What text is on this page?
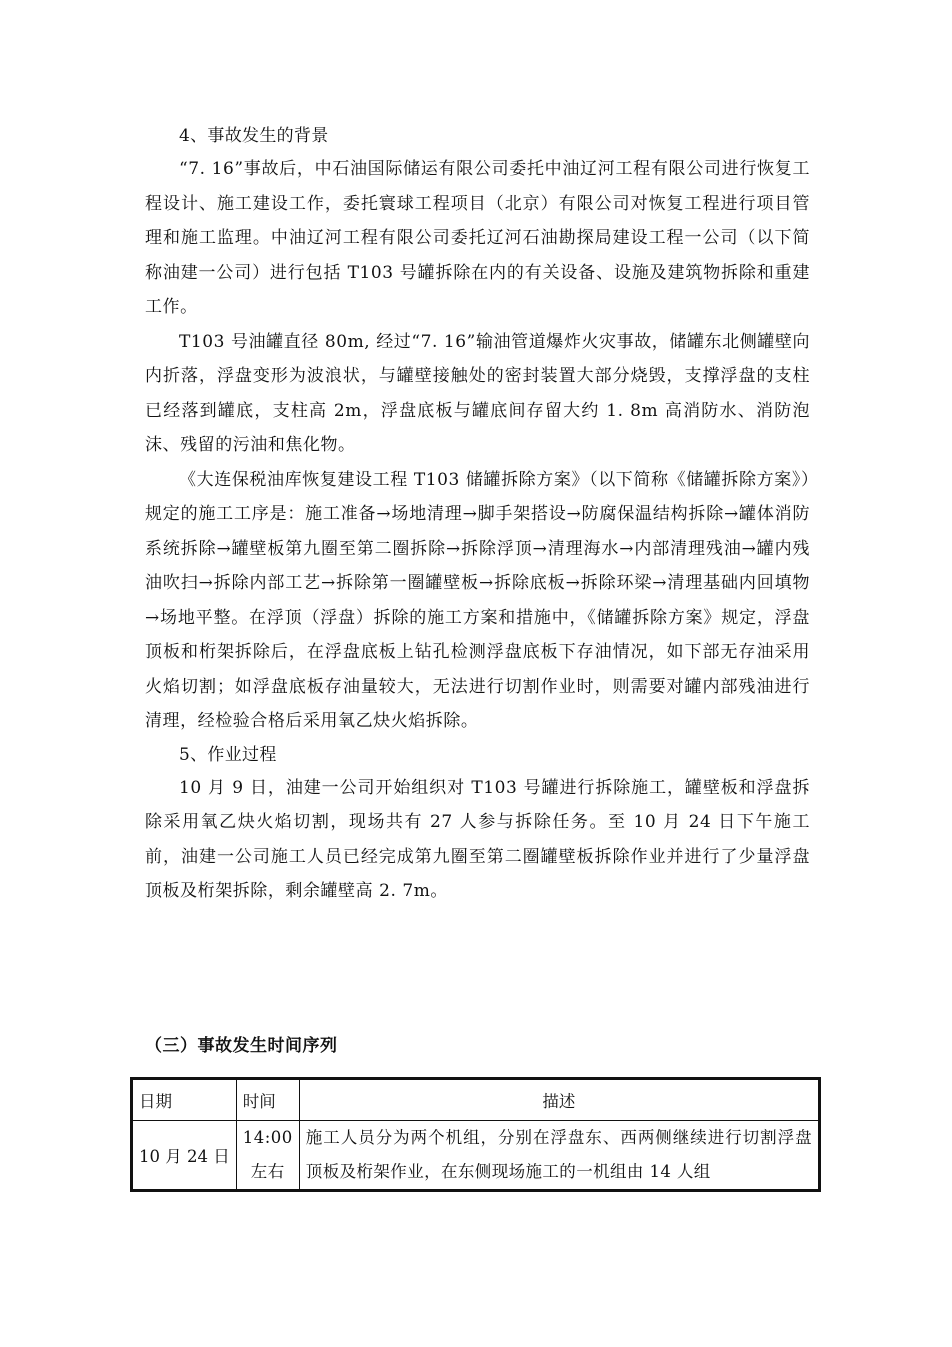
4、事故发生的背景

“7. 16”事故后，中石油国际储运有限公司委托中油辽河工程有限公司进行恢复工程设计、施工建设工作，委托寰球工程项目（北京）有限公司对恢复工程进行项目管理和施工监理。中油辽河工程有限公司委托辽河石油勘探局建设工程一公司（以下简称油建一公司）进行包括 T103 号罐拆除在内的有关设备、设施及建筑物拆除和重建工作。

T103 号油罐直径 80m, 经过“7. 16”输油管道爆炸火灾事故，储罐东北侧罐壁向内折落，浮盘变形为波浪状，与罐壁接触处的密封装置大部分烧毁，支撑浮盘的支柱已经落到罐底，支柱高 2m，浮盘底板与罐底间存留大约 1. 8m 高消防水、消防泡沫、残留的污油和焦化物。

《大连保税油库恢复建设工程 T103 储罐拆除方案》（以下简称《储罐拆除方案》）规定的施工工序是：施工准备→场地清理→脚手架搭设→防腐保温结构拆除→罐体消防系统拆除→罐壁板第九圈至第二圈拆除→拆除浮顶→清理海水→内部清理残油→罐内残油吹扫→拆除内部工艺→拆除第一圈罐壁板→拆除底板→拆除环梁→清理基础内回填物→场地平整。在浮顶（浮盘）拆除的施工方案和措施中，《储罐拆除方案》规定，浮盘顶板和桁架拆除后，在浮盘底板上钻孔检测浮盘底板下存油情况，如下部无存油采用火焰切割；如浮盘底板存油量较大，无法进行切割作业时，则需要对罐内部残油进行清理，经检验合格后采用氧乙炔火焰拆除。

5、作业过程

10 月 9 日，油建一公司开始组织对 T103 号罐进行拆除施工，罐壁板和浮盘拆除采用氧乙炔火焰切割，现场共有 27 人参与拆除任务。至 10 月 24 日下午施工前，油建一公司施工人员已经完成第九圈至第二圈罐壁板拆除作业并进行了少量浮盘顶板及桁架拆除，剩余罐壁高 2. 7m。

（三）事故发生时间序列
日期	时间	描述
10 月 24 日	14:00 左右	施工人员分为两个机组，分别在浮盘东、西两侧继续进行切割浮盘顶板及桁架作业，在东侧现场施工的一机组由 14 人组
